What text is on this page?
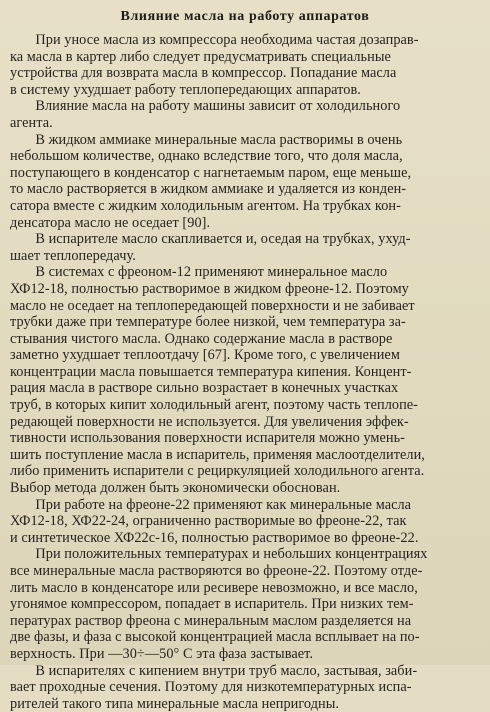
Влияние масла на работу аппаратов
При уносе масла из компрессора необходима частая дозаправ-
ка масла в картер либо следует предусматривать специальные
устройства для возврата масла в компрессор. Попадание масла
в систему ухудшает работу теплопередающих аппаратов.
Влияние масла на работу машины зависит от холодильного
агента.
В жидком аммиаке минеральные масла растворимы в очень
небольшом количестве, однако вследствие того, что доля масла,
поступающего в конденсатор с нагнетаемым паром, еще меньше,
то масло растворяется в жидком аммиаке и удаляется из конден-
сатора вместе с жидким холодильным агентом. На трубках кон-
денсатора масло не оседает [90].
В испарителе масло скапливается и, оседая на трубках, ухуд-
шает теплопередачу.
В системах с фреоном-12 применяют минеральное масло
ХФ12-18, полностью растворимое в жидком фреоне-12. Поэтому
масло не оседает на теплопередающей поверхности и не забивает
трубки даже при температуре более низкой, чем температура за-
стывания чистого масла. Однако содержание масла в растворе
заметно ухудшает теплоотдачу [67]. Кроме того, с увеличением
концентрации масла повышается температура кипения. Концент-
рация масла в растворе сильно возрастает в конечных участках
труб, в которых кипит холодильный агент, поэтому часть теплопе-
редающей поверхности не используется. Для увеличения эффек-
тивности использования поверхности испарителя можно умень-
шить поступление масла в испаритель, применяя маслоотделители,
либо применить испарители с рециркуляцией холодильного агента.
Выбор метода должен быть экономически обоснован.
При работе на фреоне-22 применяют как минеральные масла
ХФ12-18, ХФ22-24, ограниченно растворимые во фреоне-22, так
и синтетическое ХФ22с-16, полностью растворимое во фреоне-22.
При положительных температурах и небольших концентрациях
все минеральные масла растворяются во фреоне-22. Поэтому отде-
лить масло в конденсаторе или ресивере невозможно, и все масло,
угонямое компрессором, попадает в испаритель. При низких тем-
пературах раствор фреона с минеральным маслом разделяется на
две фазы, и фаза с высокой концентрацией масла всплывает на по-
верхность. При —30÷—50° С эта фаза застывает.
В испарителях с кипением внутри труб масло, застывая, заби-
вает проходные сечения. Поэтому для низкотемпературных испа-
рителей такого типа минеральные масла непригодны.
